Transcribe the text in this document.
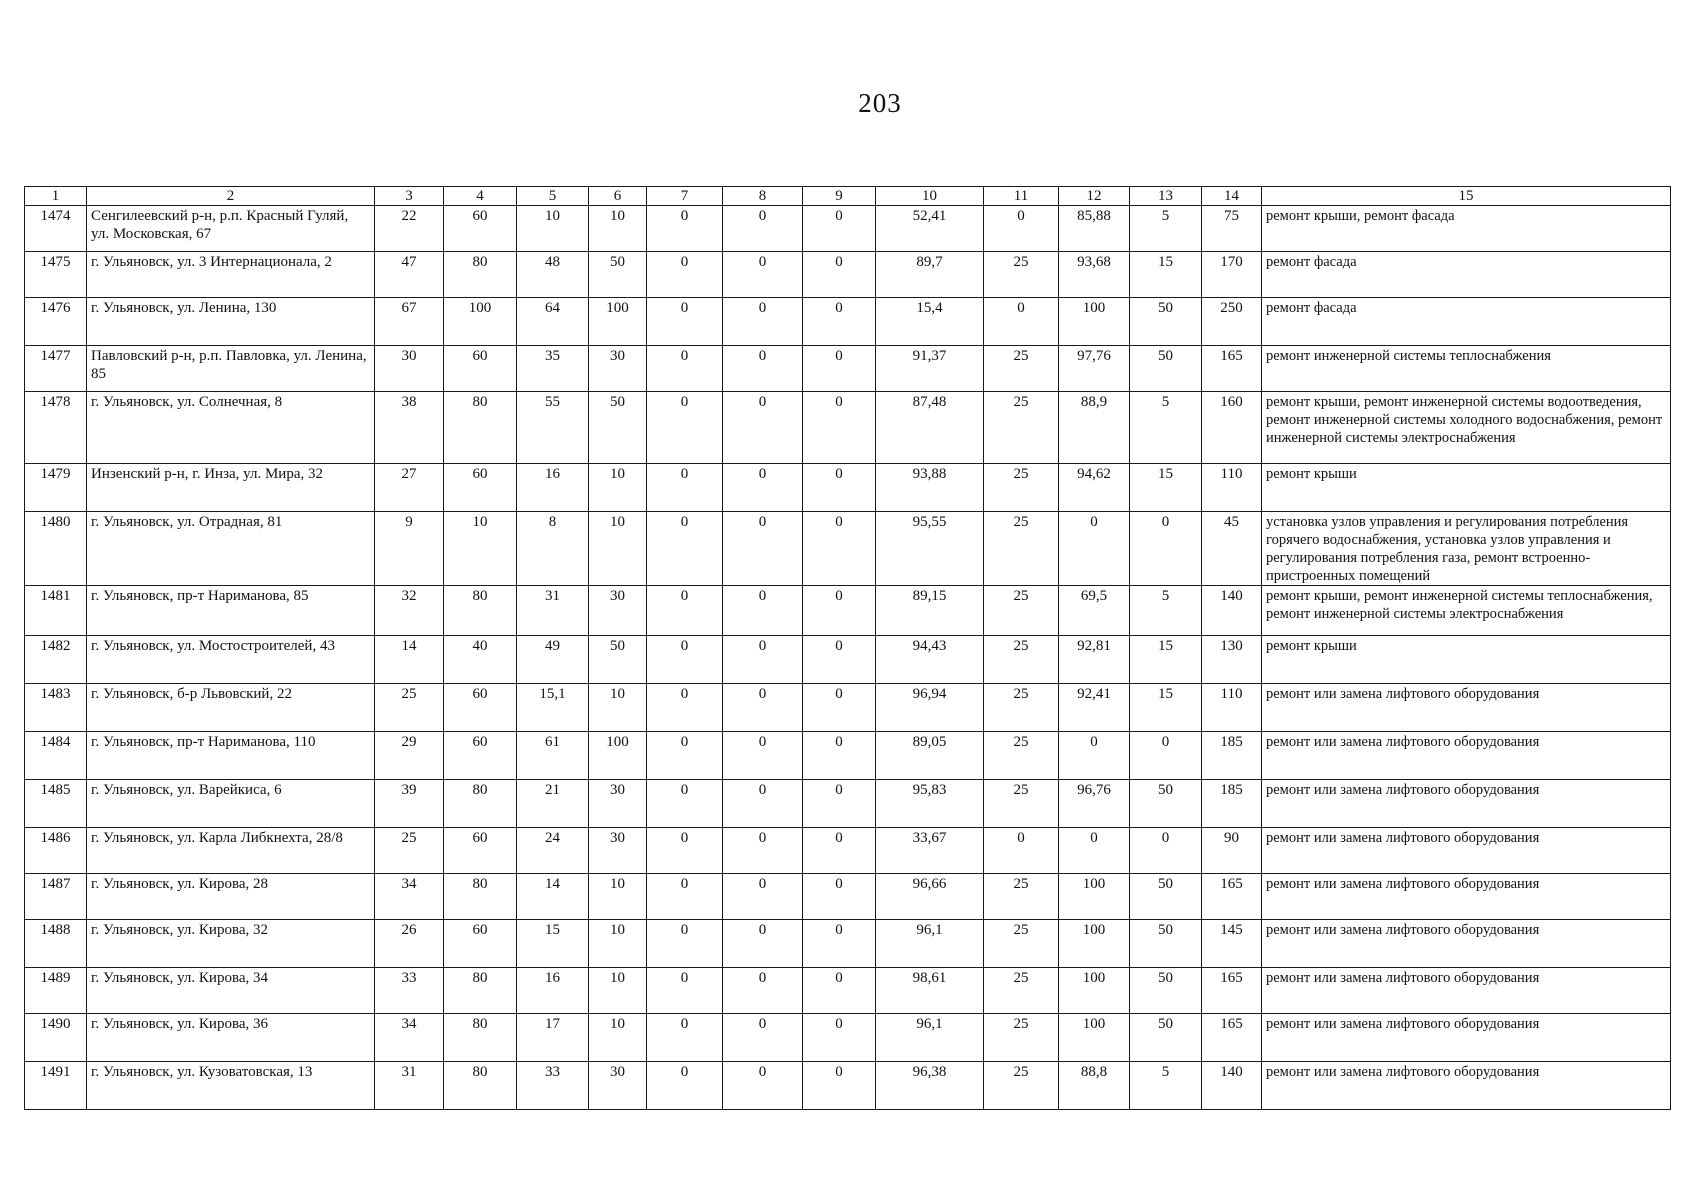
203
1	2	3	4	5	6	7	8	9	10	11	12	13	14	15
1474	Сенгилеевский р-н, р.п. Красный Гуляй, ул. Московская, 67	22	60	10	10	0	0	0	52,41	0	85,88	5	75	ремонт крыши, ремонт фасада
1475	г. Ульяновск, ул. 3 Интернационала, 2	47	80	48	50	0	0	0	89,7	25	93,68	15	170	ремонт фасада
1476	г. Ульяновск, ул. Ленина, 130	67	100	64	100	0	0	0	15,4	0	100	50	250	ремонт фасада
1477	Павловский р-н, р.п. Павловка, ул. Ленина, 85	30	60	35	30	0	0	0	91,37	25	97,76	50	165	ремонт инженерной системы теплоснабжения
1478	г. Ульяновск, ул. Солнечная, 8	38	80	55	50	0	0	0	87,48	25	88,9	5	160	ремонт крыши, ремонт инженерной системы водоотведения, ремонт инженерной системы холодного водоснабжения, ремонт инженерной системы электроснабжения
1479	Инзенский р-н, г. Инза, ул. Мира, 32	27	60	16	10	0	0	0	93,88	25	94,62	15	110	ремонт крыши
1480	г. Ульяновск, ул. Отрадная, 81	9	10	8	10	0	0	0	95,55	25	0	0	45	установка узлов управления и регулирования потребления горячего водоснабжения, установка узлов управления и регулирования потребления газа, ремонт встроенно-пристроенных помещений
1481	г. Ульяновск, пр-т Нариманова, 85	32	80	31	30	0	0	0	89,15	25	69,5	5	140	ремонт крыши, ремонт инженерной системы теплоснабжения, ремонт инженерной системы электроснабжения
1482	г. Ульяновск, ул. Мостостроителей, 43	14	40	49	50	0	0	0	94,43	25	92,81	15	130	ремонт крыши
1483	г. Ульяновск, б-р Львовский, 22	25	60	15,1	10	0	0	0	96,94	25	92,41	15	110	ремонт или замена лифтового оборудования
1484	г. Ульяновск, пр-т Нариманова, 110	29	60	61	100	0	0	0	89,05	25	0	0	185	ремонт или замена лифтового оборудования
1485	г. Ульяновск, ул. Варейкиса, 6	39	80	21	30	0	0	0	95,83	25	96,76	50	185	ремонт или замена лифтового оборудования
1486	г. Ульяновск, ул. Карла Либкнехта, 28/8	25	60	24	30	0	0	0	33,67	0	0	0	90	ремонт или замена лифтового оборудования
1487	г. Ульяновск, ул. Кирова, 28	34	80	14	10	0	0	0	96,66	25	100	50	165	ремонт или замена лифтового оборудования
1488	г. Ульяновск, ул. Кирова, 32	26	60	15	10	0	0	0	96,1	25	100	50	145	ремонт или замена лифтового оборудования
1489	г. Ульяновск, ул. Кирова, 34	33	80	16	10	0	0	0	98,61	25	100	50	165	ремонт или замена лифтового оборудования
1490	г. Ульяновск, ул. Кирова, 36	34	80	17	10	0	0	0	96,1	25	100	50	165	ремонт или замена лифтового оборудования
1491	г. Ульяновск, ул. Кузоватовская, 13	31	80	33	30	0	0	0	96,38	25	88,8	5	140	ремонт или замена лифтового оборудования
